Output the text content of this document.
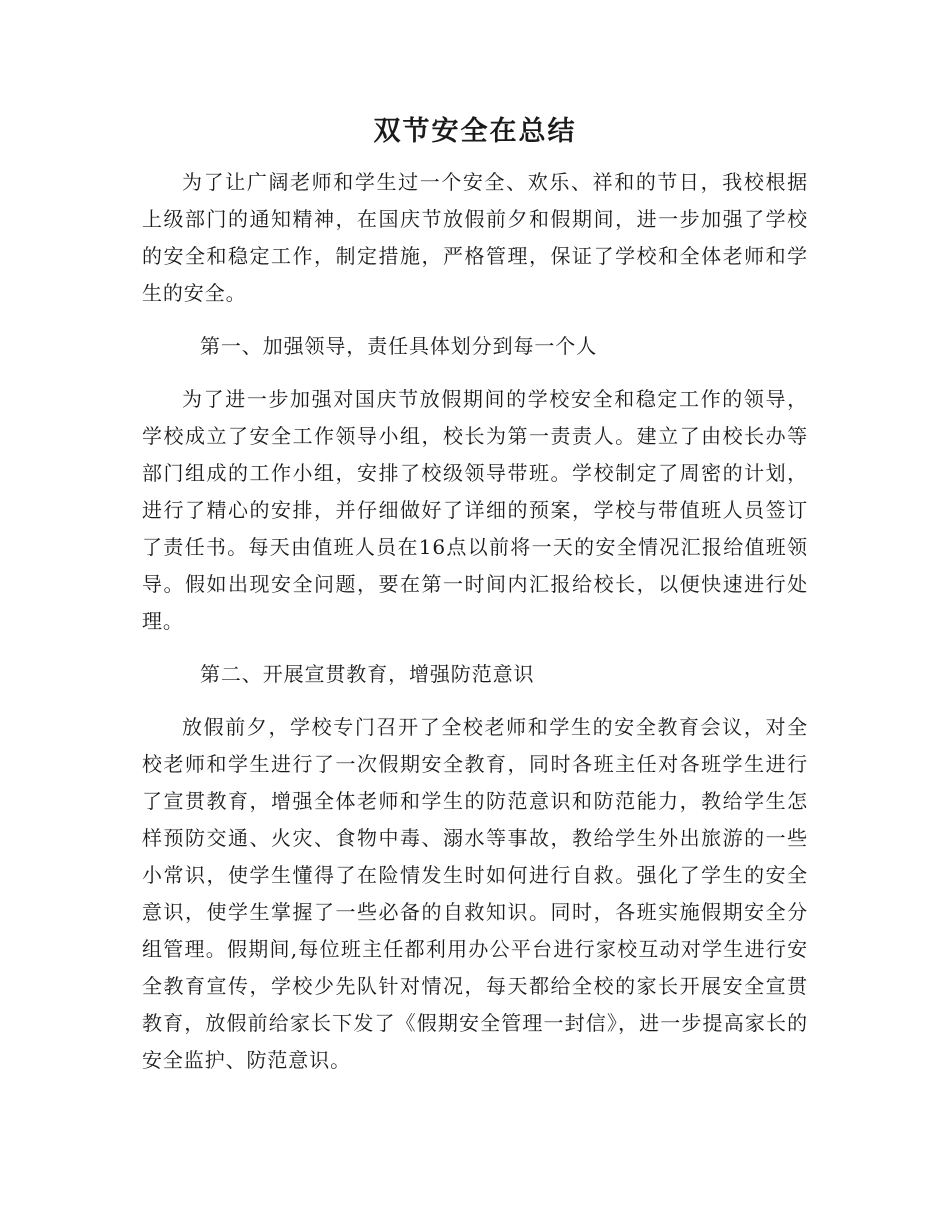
双节安全在总结

为了让广阔老师和学生过一个安全、欢乐、祥和的节日，我校根据上级部门的通知精神，在国庆节放假前夕和假期间，进一步加强了学校的安全和稳定工作，制定措施，严格管理，保证了学校和全体老师和学生的安全。

第一、加强领导，责任具体划分到每一个人

为了进一步加强对国庆节放假期间的学校安全和稳定工作的领导，学校成立了安全工作领导小组，校长为第一责责人。建立了由校长办等部门组成的工作小组，安排了校级领导带班。学校制定了周密的计划，进行了精心的安排，并仔细做好了详细的预案，学校与带值班人员签订了责任书。每天由值班人员在16点以前将一天的安全情况汇报给值班领导。假如出现安全问题，要在第一时间内汇报给校长，以便快速进行处理。

第二、开展宣贯教育，增强防范意识

放假前夕，学校专门召开了全校老师和学生的安全教育会议，对全校老师和学生进行了一次假期安全教育，同时各班主任对各班学生进行了宣贯教育，增强全体老师和学生的防范意识和防范能力，教给学生怎样预防交通、火灾、食物中毒、溺水等事故，教给学生外出旅游的一些小常识，使学生懂得了在险情发生时如何进行自救。强化了学生的安全意识，使学生掌握了一些必备的自救知识。同时，各班实施假期安全分组管理。假期间,每位班主任都利用办公平台进行家校互动对学生进行安全教育宣传，学校少先队针对情况，每天都给全校的家长开展安全宣贯教育，放假前给家长下发了《假期安全管理一封信》，进一步提高家长的安全监护、防范意识。
